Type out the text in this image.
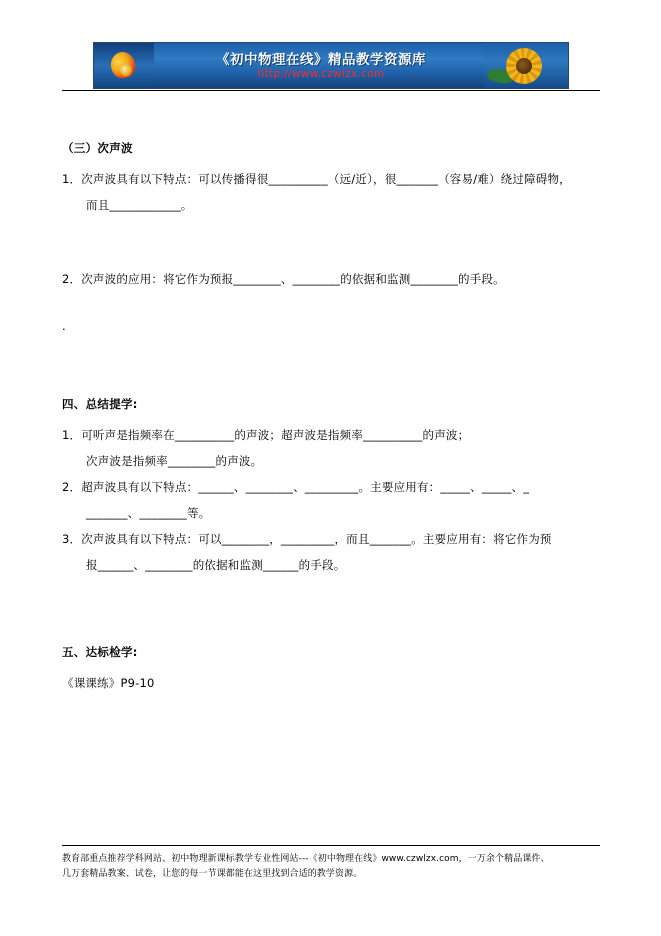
《初中物理在线》精品教学资源库
http://www.czwlzx.com
（三）次声波

1．次声波具有以下特点：可以传播得很__________（远/近），很_______（容易/难）绕过障碍物，

而且____________。

2．次声波的应用：将它作为预报________、________的依据和监测________的手段。

.

四、总结提学:

1．可听声是指频率在__________的声波；超声波是指频率__________的声波；

次声波是指频率________的声波。

2．超声波具有以下特点：______、________、_________。主要应用有：_____、_____、_

_______、________等。

3．次声波具有以下特点：可以________，_________，而且_______。主要应用有：将它作为预

报______、________的依据和监测______的手段。

五、达标检学:

《课课练》P9-10

教育部重点推荐学科网站、初中物理新课标教学专业性网站---《初中物理在线》www.czwlzx.com，一万余个精品课件、
几万套精品教案、试卷，让您的每一节课都能在这里找到合适的教学资源。
